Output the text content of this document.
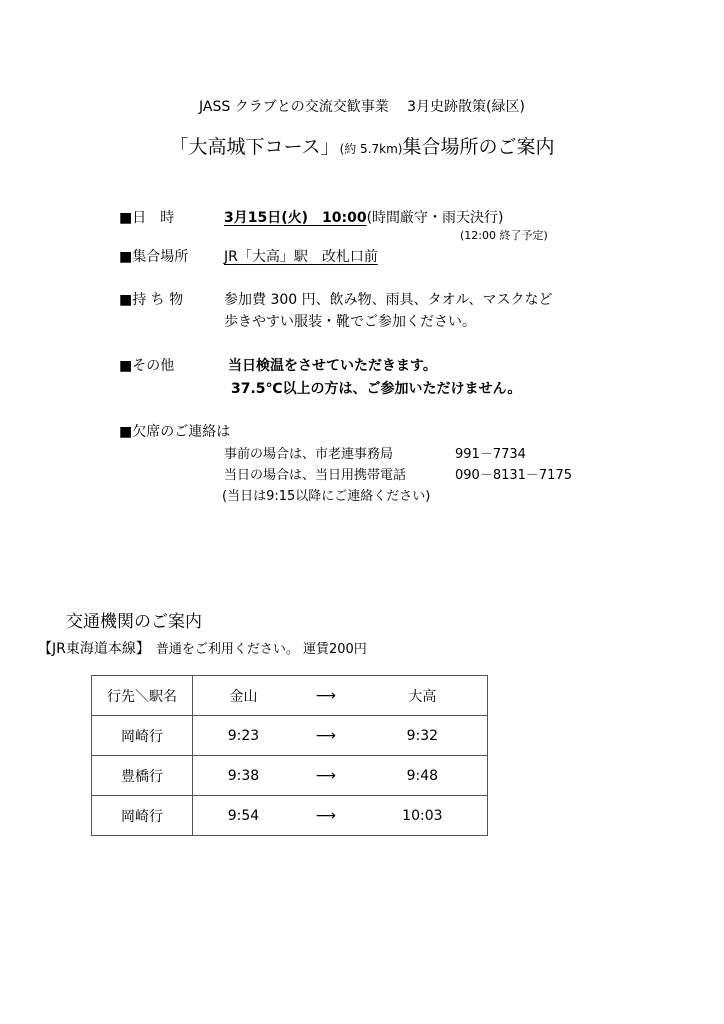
JASS クラブとの交流交歓事業　 3月史跡散策(緑区)
「大高城下コース」(約 5.7km)集合場所のご案内
■日　時	3月15日(火)　10:00(時間厳守・雨天決行)
(12:00 終了予定)
■集合場所	JR「大高」駅　改札口前
■持 ち 物	参加費 300 円、飲み物、雨具、タオル、マスクなど
歩きやすい服装・靴でご参加ください。
■その他	当日検温をさせていただきます。
37.5℃以上の方は、ご参加いただけません。
■欠席のご連絡は
事前の場合は、市老連事務局	991－7734
当日の場合は、当日用携帯電話	090－8131－7175
(当日は9:15以降にご連絡ください)
交通機関のご案内
【JR東海道本線】 普通をご利用ください。 運賃200円
行先＼駅名	金山	⟶	大高
岡崎行	9:23	⟶	9:32
豊橋行	9:38	⟶	9:48
岡崎行	9:54	⟶	10:03
